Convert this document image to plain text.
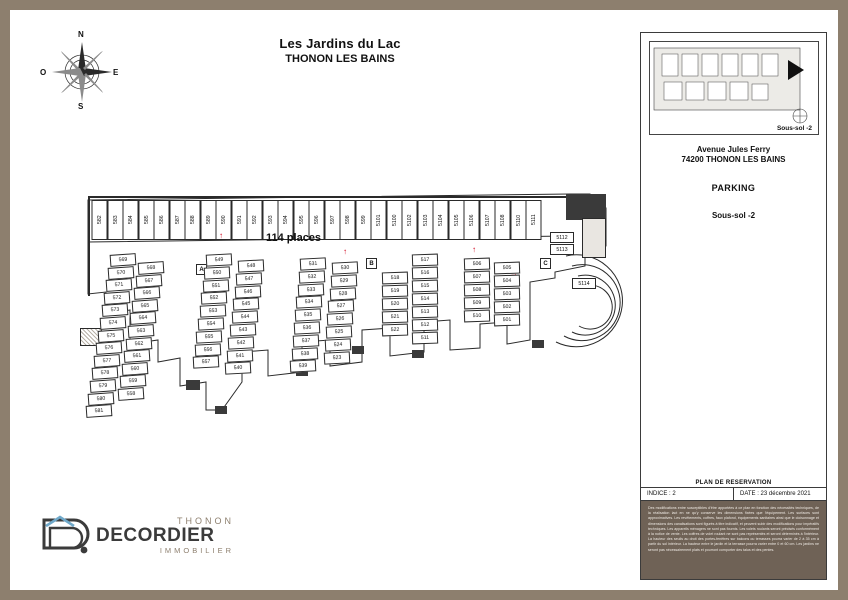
N
S
E
O
Les Jardins du Lac
THONON LES BAINS
582	583	584	585	586	587	588	589	590	591	592	593	594	595	596	597	598	599	5101	5100	5102	5103	5104	5105	5106	5107	5108	5110	5111
114 places
↑
↑	↑
A
B	C
569
570
571
572
573
574
575
576
577
578
579
580
581
568
567
566
565
564
563
562
561
560
559
558
549
550
551
552
553
554
555
556
557
548
547
546
545
544
543
542
541
540
531
532
533
534
535
536
537
538
539
530
529
528
527
526
525
524
523
518
519
520
521
522
517
516
515
514
513
512
511
506
507
508
509
510
505
504
503
502
501
5112
5113
5114
THONON
DECORDIER
IMMOBILIER
Sous-sol -2
Avenue Jules Ferry
74200 THONON LES BAINS
PARKING
Sous-sol -2
PLAN DE RESERVATION
INDICE : 2	DATE : 23 décembre 2021
Des modifications entre susceptibles d'être apportées à ce plan en fonction des nécessités techniques, de la réalisation lact en ne qu'y conserve les dimensions fixées que l'équipement. Les surfaces sont approximatives. Les revêtements, coffres, faux plafond, équipements sanitaires ainsi que le cloisonnage et dimensions des canalisations sont figurés à titre indicatif, et peuvent subir des modifications pour impératifs techniques. Les appareils ménagers ne sont pas fournis. Les volets roulants seront précisés conformément à la notice de vente. Les coffres de volet roulant ne sont pas représentés et seront déterminés à l'intérieur. La hauteur des seuils au droit des portes-fenêtres sur balcons ou terrasses pourra varier de 2 à 35 cm à partir du sol intérieur. La hauteur entre le jardin et la terrasse pourra varier entre 0 et 60 cm. Les jardins ne seront pas nécessairement plats et pourront comporter des talus et des pentes.
